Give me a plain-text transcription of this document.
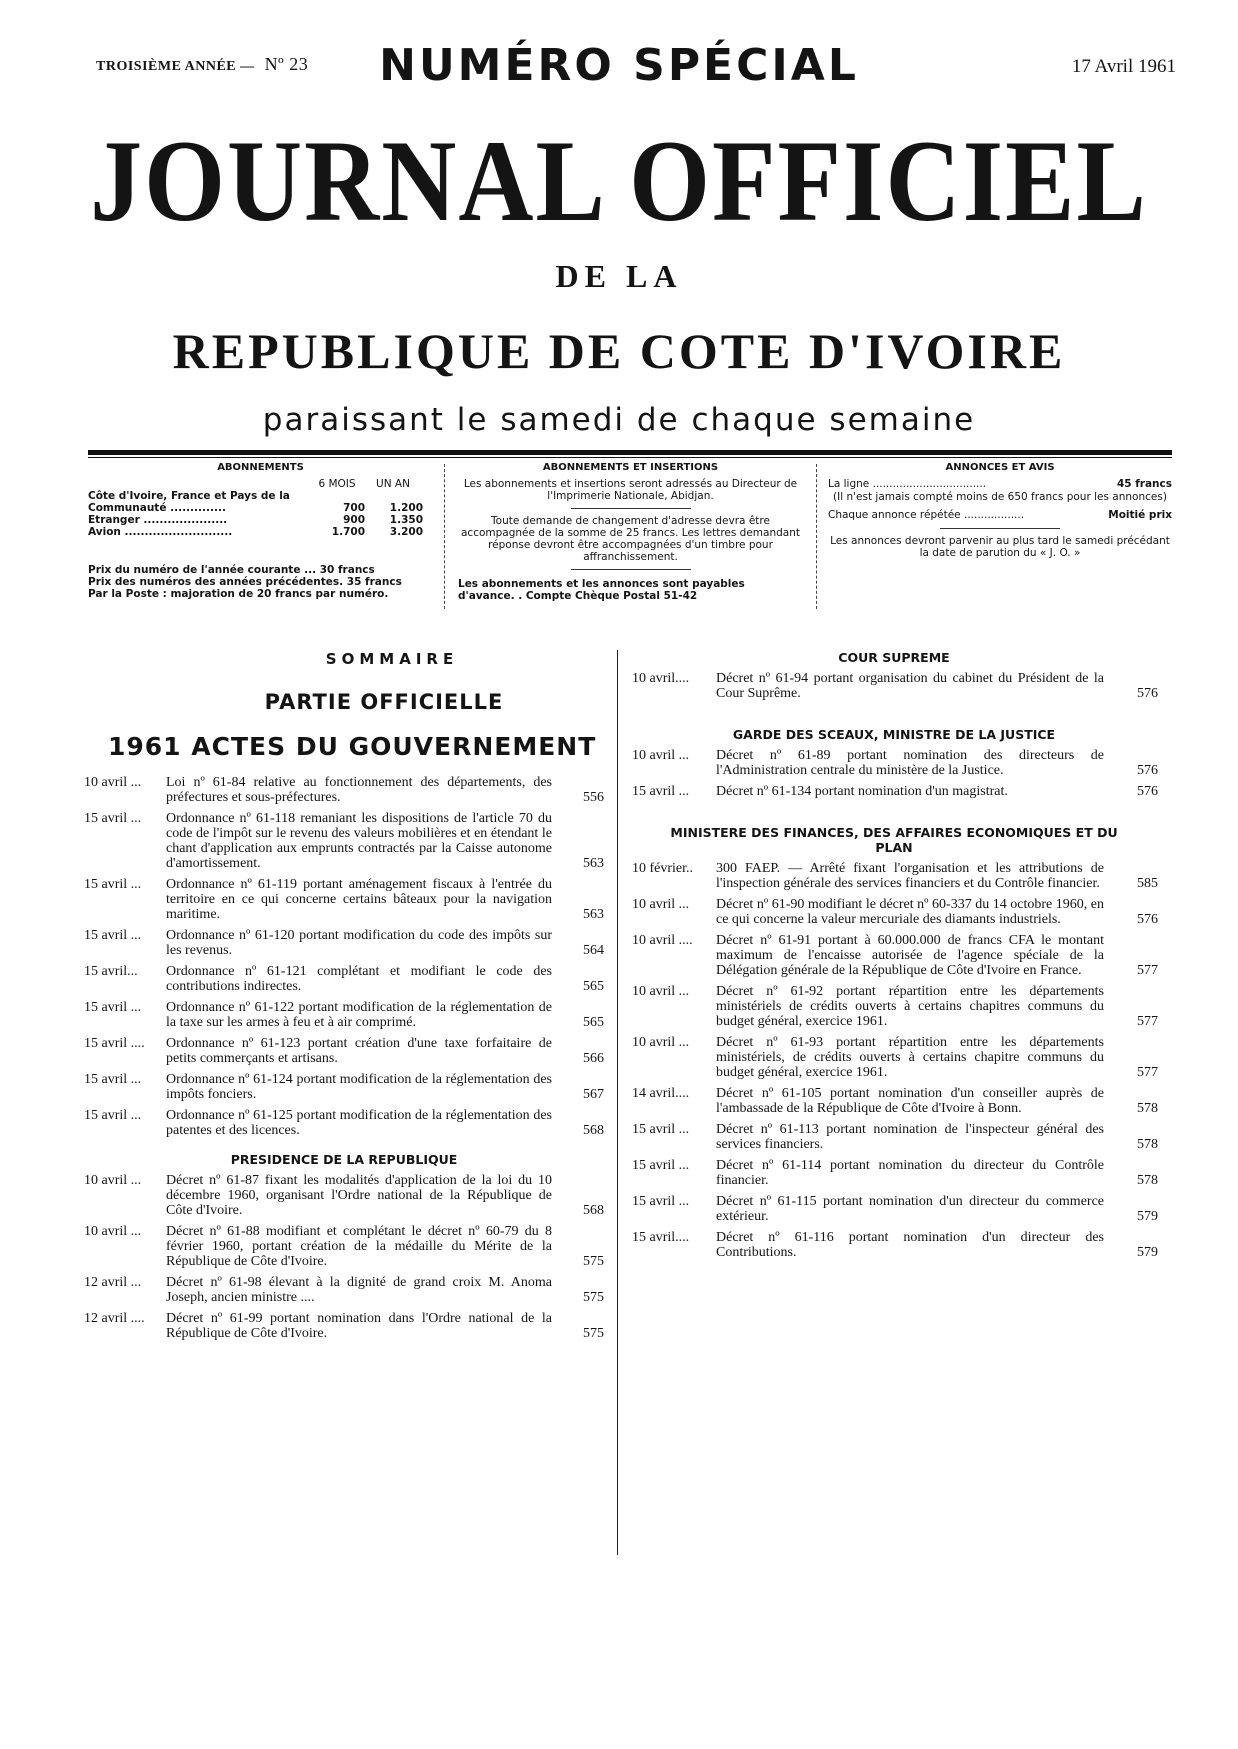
TROISIÈME ANNÉE — Nº 23	NUMÉRO SPÉCIAL	17 Avril 1961
JOURNAL OFFICIEL
DE LA
REPUBLIQUE DE COTE D'IVOIRE
paraissant le samedi de chaque semaine
ABONNEMENTS
6 MOIS UN AN
Côte d'Ivoire, France et Pays de la Communauté ..............	700 1.200
Etranger .....................	900 1.350
Avion ...........................	1.700 3.200
Prix du numéro de l'année courante ... 30 francs
Prix des numéros des années précédentes. 35 francs
Par la Poste : majoration de 20 francs par numéro.
ABONNEMENTS ET INSERTIONS
Les abonnements et insertions seront adressés au Directeur de l'Imprimerie Nationale, Abidjan.
Toute demande de changement d'adresse devra être accompagnée de la somme de 25 francs. Les lettres demandant réponse devront être accompagnées d'un timbre pour affranchissement.
Les abonnements et les annonces sont payables d'avance. . Compte Chèque Postal 51-42
ANNONCES ET AVIS
La ligne ..................................	45 francs
(Il n'est jamais compté moins de 650 francs pour les annonces)
Chaque annonce répétée ..................	Moitié prix
Les annonces devront parvenir au plus tard le samedi précédant la date de parution du « J. O. »
SOMMAIRE
PARTIE OFFICIELLE
1961 ACTES DU GOUVERNEMENT
10 avril ... Loi nº 61-84 relative au fonctionnement des départements, des préfectures et sous-préfectures.	556
15 avril ... Ordonnance nº 61-118 remaniant les dispositions de l'article 70 du code de l'impôt sur le revenu des valeurs mobilières et en étendant le chant d'application aux emprunts contractés par la Caisse autonome d'amortissement.	563
15 avril ... Ordonnance nº 61-119 portant aménagement fiscaux à l'entrée du territoire en ce qui concerne certains bâteaux pour la navigation maritime.	563
15 avril ... Ordonnance nº 61-120 portant modification du code des impôts sur les revenus.	564
15 avril... Ordonnance nº 61-121 complétant et modifiant le code des contributions indirectes.	565
15 avril ... Ordonnance nº 61-122 portant modification de la réglementation de la taxe sur les armes à feu et à air comprimé.	565
15 avril .... Ordonnance nº 61-123 portant création d'une taxe forfaitaire de petits commerçants et artisans.	566
15 avril ... Ordonnance nº 61-124 portant modification de la réglementation des impôts fonciers.	567
15 avril ... Ordonnance nº 61-125 portant modification de la réglementation des patentes et des licences.	568
PRESIDENCE DE LA REPUBLIQUE
10 avril ... Décret nº 61-87 fixant les modalités d'application de la loi du 10 décembre 1960, organisant l'Ordre national de la République de Côte d'Ivoire.	568
10 avril ... Décret nº 61-88 modifiant et complétant le décret nº 60-79 du 8 février 1960, portant création de la médaille du Mérite de la République de Côte d'Ivoire.	575
12 avril ... Décret nº 61-98 élevant à la dignité de grand croix M. Anoma Joseph, ancien ministre ....	575
12 avril .... Décret nº 61-99 portant nomination dans l'Ordre national de la République de Côte d'Ivoire.	575
COUR SUPREME
10 avril.... Décret nº 61-94 portant organisation du cabinet du Président de la Cour Suprême.	576
GARDE DES SCEAUX, MINISTRE DE LA JUSTICE
10 avril ... Décret nº 61-89 portant nomination des directeurs de l'Administration centrale du ministère de la Justice.	576
15 avril ... Décret nº 61-134 portant nomination d'un magistrat.	576
MINISTERE DES FINANCES, DES AFFAIRES ECONOMIQUES ET DU PLAN
10 février.. 300 FAEP. — Arrêté fixant l'organisation et les attributions de l'inspection générale des services financiers et du Contrôle financier.	585
10 avril ... Décret nº 61-90 modifiant le décret nº 60-337 du 14 octobre 1960, en ce qui concerne la valeur mercuriale des diamants industriels.	576
10 avril .... Décret nº 61-91 portant à 60.000.000 de francs CFA le montant maximum de l'encaisse autorisée de l'agence spéciale de la Délégation générale de la République de Côte d'Ivoire en France.	577
10 avril ... Décret nº 61-92 portant répartition entre les départements ministériels de crédits ouverts à certains chapitres communs du budget général, exercice 1961.	577
10 avril ... Décret nº 61-93 portant répartition entre les départements ministériels, de crédits ouverts à certains chapitre communs du budget général, exercice 1961.	577
14 avril.... Décret nº 61-105 portant nomination d'un conseiller auprès de l'ambassade de la République de Côte d'Ivoire à Bonn.	578
15 avril ... Décret nº 61-113 portant nomination de l'inspecteur général des services financiers.	578
15 avril ... Décret nº 61-114 portant nomination du directeur du Contrôle financier.	578
15 avril ... Décret nº 61-115 portant nomination d'un directeur du commerce extérieur.	579
15 avril.... Décret nº 61-116 portant nomination d'un directeur des Contributions.	579
